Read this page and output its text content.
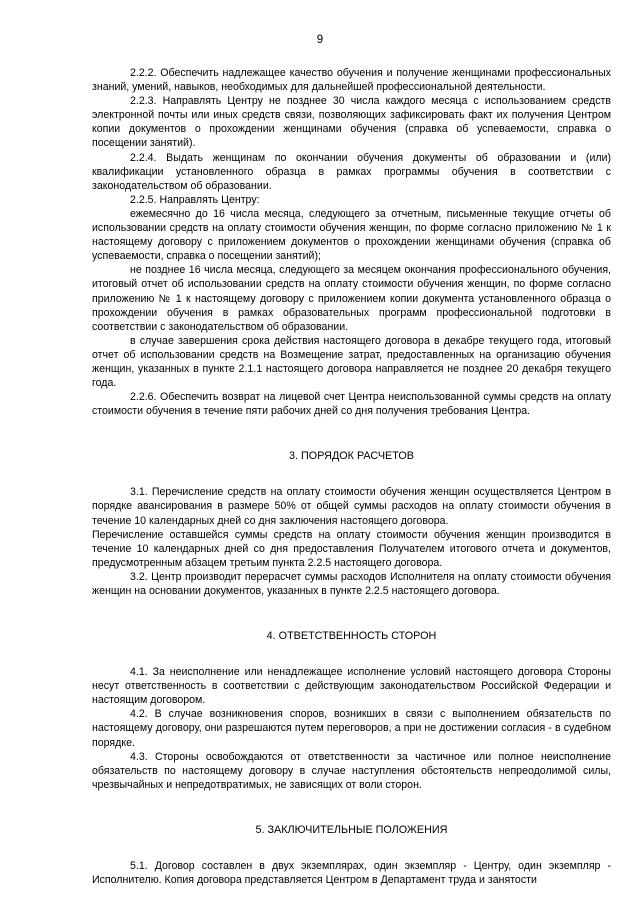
9

2.2.2. Обеспечить надлежащее качество обучения и получение женщинами профессиональных знаний, умений, навыков, необходимых для дальнейшей профессиональной деятельности.

2.2.3. Направлять Центру не позднее 30 числа каждого месяца с использованием средств электронной почты или иных средств связи, позволяющих зафиксировать факт их получения Центром копии документов о прохождении женщинами обучения (справка об успеваемости, справка о посещении занятий).

2.2.4. Выдать женщинам по окончании обучения документы об образовании и (или) квалификации установленного образца в рамках программы обучения в соответствии с законодательством об образовании.

2.2.5. Направлять Центру:

ежемесячно до 16 числа месяца, следующего за отчетным, письменные текущие отчеты об использовании средств на оплату стоимости обучения женщин, по форме согласно приложению № 1 к настоящему договору с приложением документов о прохождении женщинами обучения (справка об успеваемости, справка о посещении занятий);

не позднее 16 числа месяца, следующего за месяцем окончания профессионального обучения, итоговый отчет об использовании средств на оплату стоимости обучения женщин, по форме согласно приложению № 1 к настоящему договору с приложением копии документа установленного образца о прохождении обучения в рамках образовательных программ профессиональной подготовки в соответствии с законодательством об образовании.

в случае завершения срока действия настоящего договора в декабре текущего года, итоговый отчет об использовании средств на Возмещение затрат, предоставленных на организацию обучения женщин, указанных в пункте 2.1.1 настоящего договора направляется не позднее 20 декабря текущего года.

2.2.6. Обеспечить возврат на лицевой счет Центра неиспользованной суммы средств на оплату стоимости обучения в течение пяти рабочих дней со дня получения требования Центра.

3. ПОРЯДОК РАСЧЕТОВ

3.1. Перечисление средств на оплату стоимости обучения женщин осуществляется Центром в порядке авансирования в размере 50% от общей суммы расходов на оплату стоимости обучения в течение 10 календарных дней со дня заключения настоящего договора.

Перечисление оставшейся суммы средств на оплату стоимости обучения женщин производится в течение 10 календарных дней со дня предоставления Получателем итогового отчета и документов, предусмотренным абзацем третьим пункта 2.2.5 настоящего договора.

3.2. Центр производит перерасчет суммы расходов Исполнителя на оплату стоимости обучения женщин на основании документов, указанных в пункте 2.2.5 настоящего договора.

4. ОТВЕТСТВЕННОСТЬ СТОРОН

4.1. За неисполнение или ненадлежащее исполнение условий настоящего договора Стороны несут ответственность в соответствии с действующим законодательством Российской Федерации и настоящим договором.

4.2. В случае возникновения споров, возникших в связи с выполнением обязательств по настоящему договору, они разрешаются путем переговоров, а при не достижении согласия - в судебном порядке.

4.3. Стороны освобождаются от ответственности за частичное или полное неисполнение обязательств по настоящему договору в случае наступления обстоятельств непреодолимой силы, чрезвычайных и непредотвратимых, не зависящих от воли сторон.

5. ЗАКЛЮЧИТЕЛЬНЫЕ ПОЛОЖЕНИЯ

5.1. Договор составлен в двух экземплярах, один экземпляр - Центру, один экземпляр - Исполнителю. Копия договора представляется Центром в Департамент труда и занятости
